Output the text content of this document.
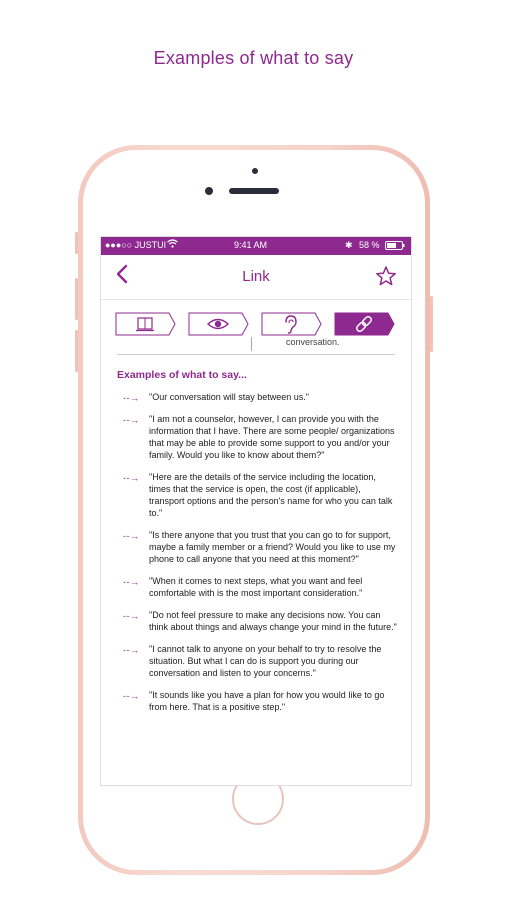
Examples of what to say
●●●○○ JUSTUI	9:41 AM	✱ 58 %
Link
conversation.
Examples of what to say...
- - → "Our conversation will stay between us."
- - → "I am not a counselor, however, I can provide you with the information that I have. There are some people/ organizations that may be able to provide some support to you and/or your family. Would you like to know about them?"
- - → "Here are the details of the service including the location, times that the service is open, the cost (if applicable), transport options and the person's name for who you can talk to."
- - → "Is there anyone that you trust that you can go to for support, maybe a family member or a friend? Would you like to use my phone to call anyone that you need at this moment?"
- - → "When it comes to next steps, what you want and feel comfortable with is the most important consideration."
- - → "Do not feel pressure to make any decisions now. You can think about things and always change your mind in the future."
- - → "I cannot talk to anyone on your behalf to try to resolve the situation. But what I can do is support you during our conversation and listen to your concerns."
- - → "It sounds like you have a plan for how you would like to go from here. That is a positive step."
